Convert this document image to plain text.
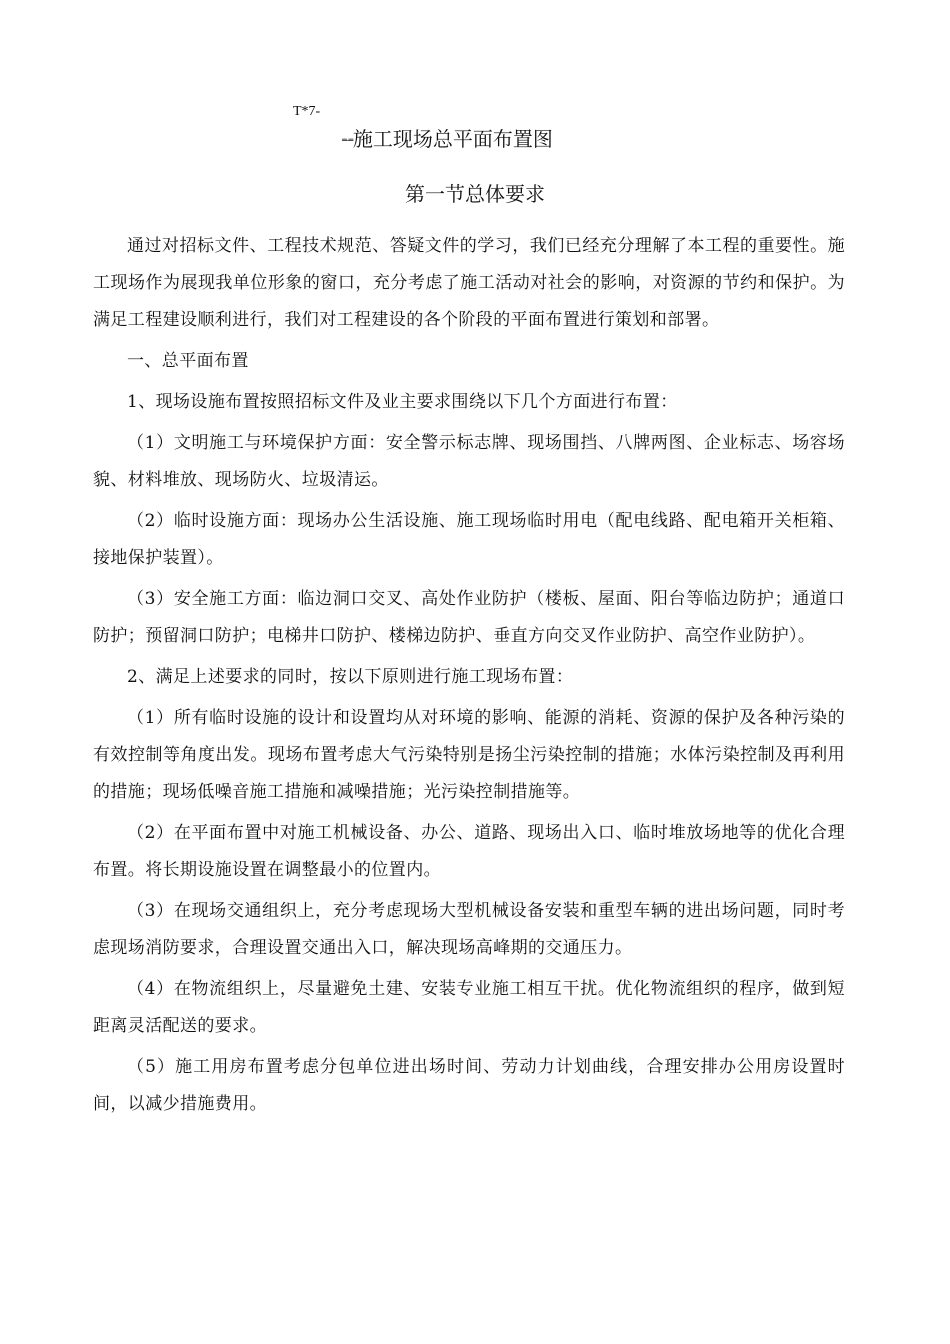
T*7-
═-═施工现场总平面布置图
第一节总体要求

通过对招标文件、工程技术规范、答疑文件的学习，我们已经充分理解了本工程的重要性。施工现场作为展现我单位形象的窗口，充分考虑了施工活动对社会的影响，对资源的节约和保护。为满足工程建设顺利进行，我们对工程建设的各个阶段的平面布置进行策划和部署。

一、总平面布置

1、现场设施布置按照招标文件及业主要求围绕以下几个方面进行布置：

（1）文明施工与环境保护方面：安全警示标志牌、现场围挡、八牌两图、企业标志、场容场貌、材料堆放、现场防火、垃圾清运。

（2）临时设施方面：现场办公生活设施、施工现场临时用电（配电线路、配电箱开关柜箱、接地保护装置）。

（3）安全施工方面：临边洞口交叉、高处作业防护（楼板、屋面、阳台等临边防护；通道口防护；预留洞口防护；电梯井口防护、楼梯边防护、垂直方向交叉作业防护、高空作业防护）。

2、满足上述要求的同时，按以下原则进行施工现场布置：

（1）所有临时设施的设计和设置均从对环境的影响、能源的消耗、资源的保护及各种污染的有效控制等角度出发。现场布置考虑大气污染特别是扬尘污染控制的措施；水体污染控制及再利用的措施；现场低噪音施工措施和减噪措施；光污染控制措施等。

（2）在平面布置中对施工机械设备、办公、道路、现场出入口、临时堆放场地等的优化合理布置。将长期设施设置在调整最小的位置内。

（3）在现场交通组织上，充分考虑现场大型机械设备安装和重型车辆的进出场问题，同时考虑现场消防要求，合理设置交通出入口，解决现场高峰期的交通压力。

（4）在物流组织上，尽量避免土建、安装专业施工相互干扰。优化物流组织的程序，做到短距离灵活配送的要求。

（5）施工用房布置考虑分包单位进出场时间、劳动力计划曲线，合理安排办公用房设置时间，以减少措施费用。
